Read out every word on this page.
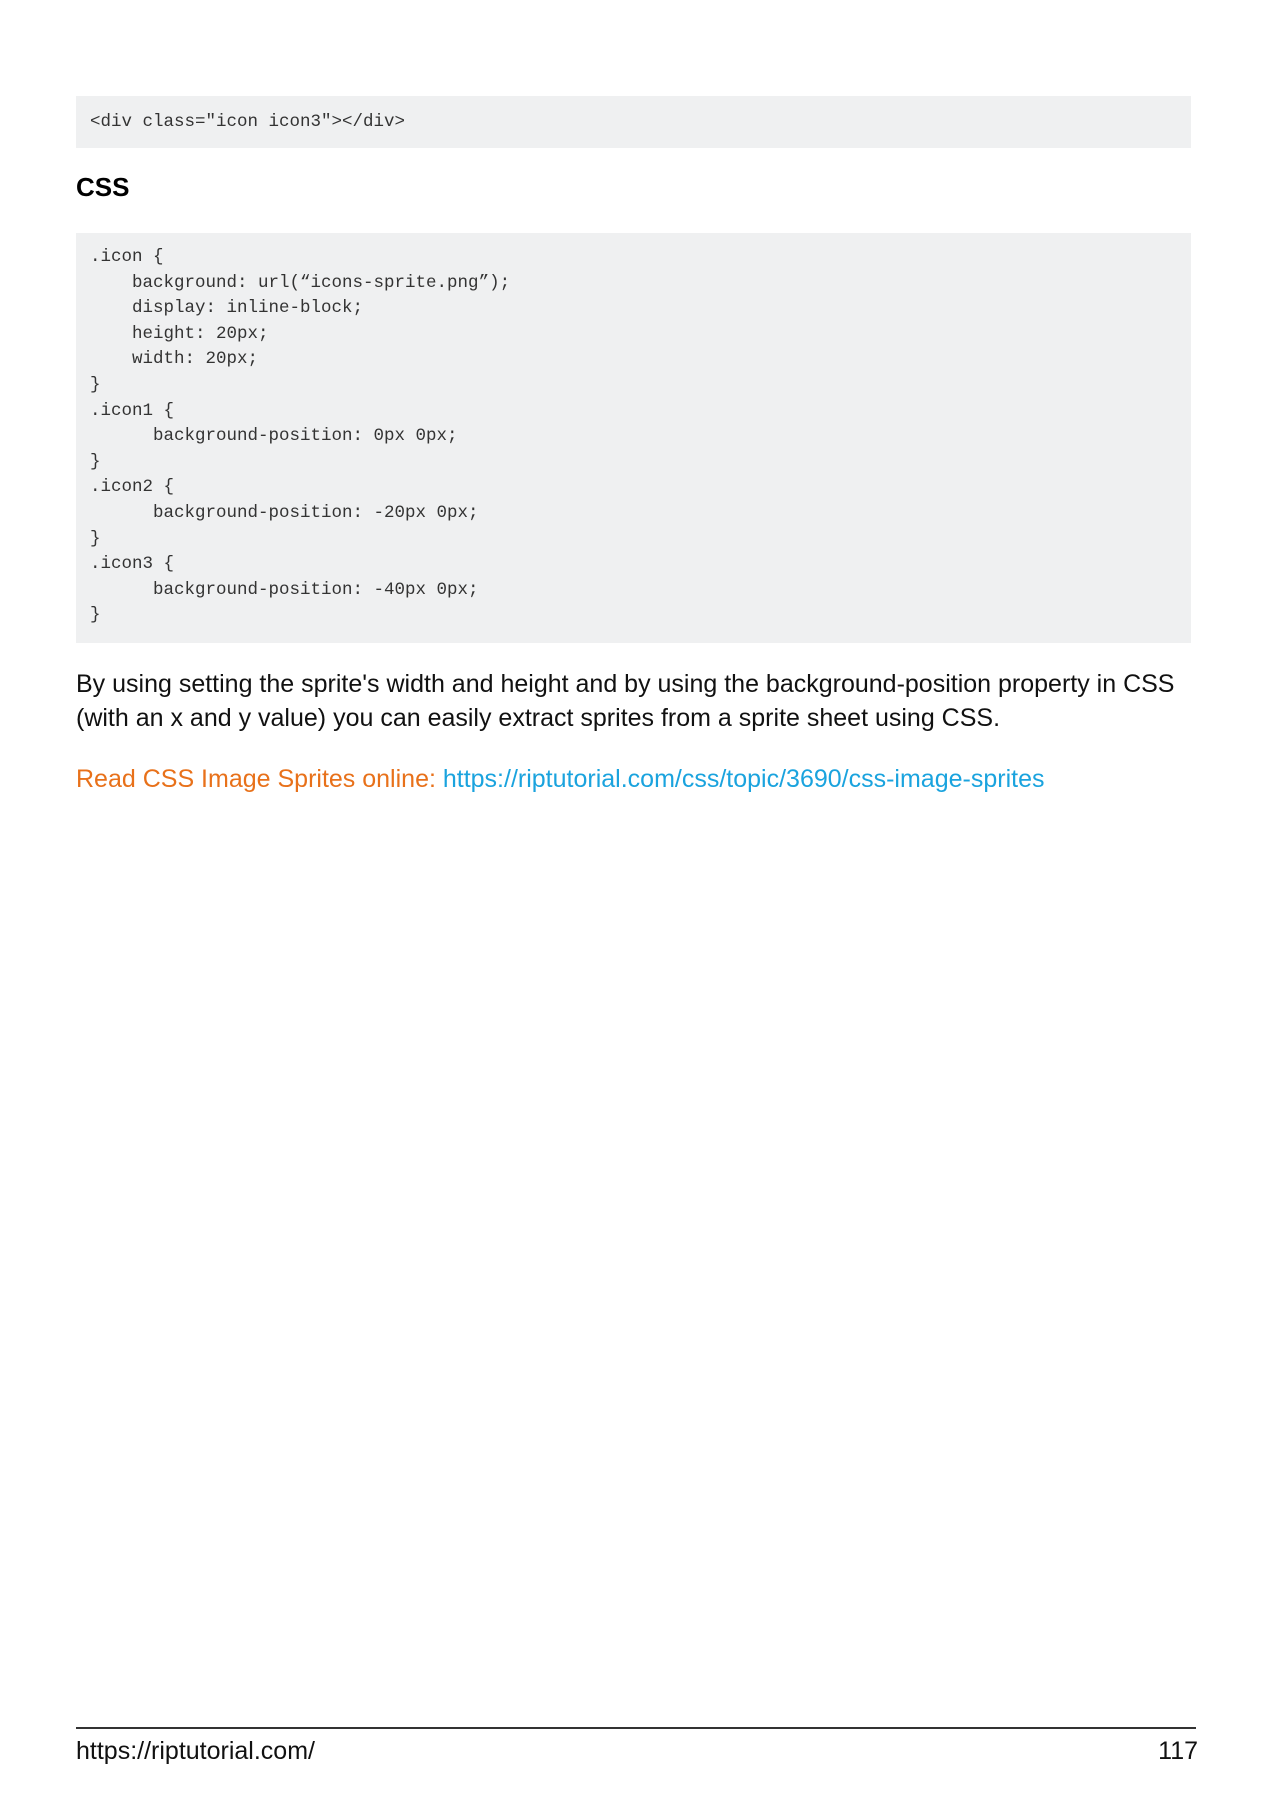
<div class="icon icon3"></div>
CSS
.icon {
background: url(“icons-sprite.png”);
display: inline-block;
height: 20px;
width: 20px;
}
.icon1 {
background-position: 0px 0px;
}
.icon2 {
background-position: -20px 0px;
}
.icon3 {
background-position: -40px 0px;
}

By using setting the sprite's width and height and by using the background-position property in CSS (with an x and y value) you can easily extract sprites from a sprite sheet using CSS.

Read CSS Image Sprites online: https://riptutorial.com/css/topic/3690/css-image-sprites

https://riptutorial.com/	117
